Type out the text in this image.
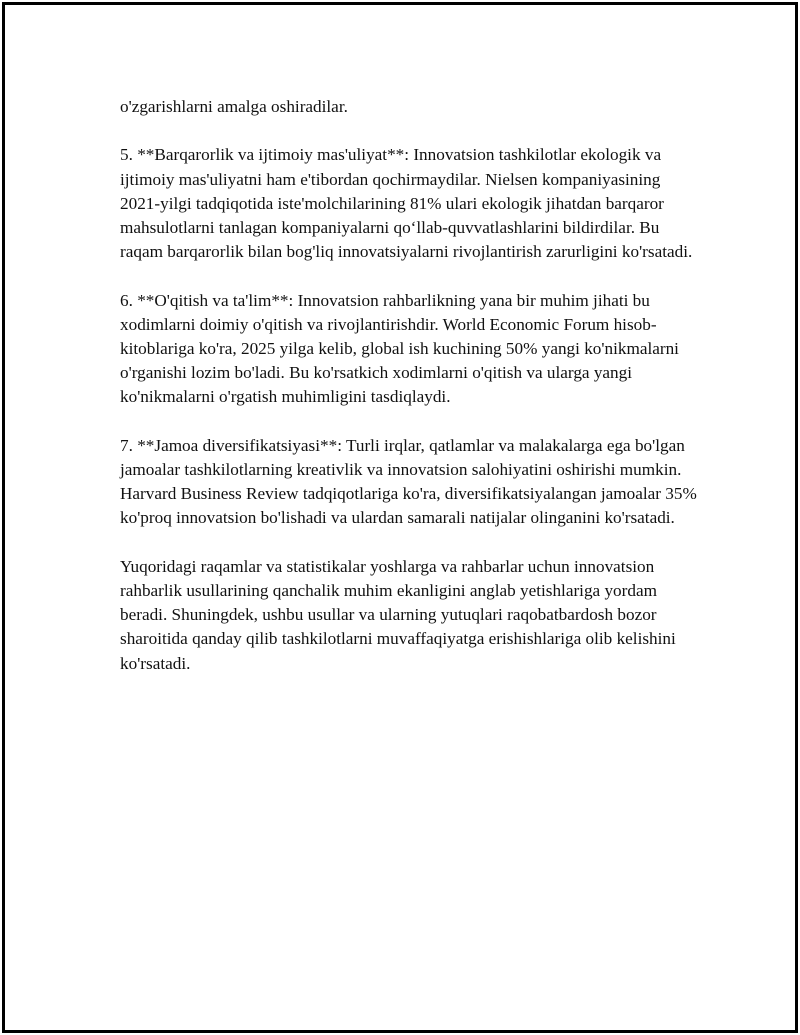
o'zgarishlarni amalga oshiradilar.

5. **Barqarorlik va ijtimoiy mas'uliyat**: Innovatsion tashkilotlar ekologik va ijtimoiy mas'uliyatni ham e'tibordan qochirmaydilar. Nielsen kompaniyasining 2021-yilgi tadqiqotida iste'molchilarining 81% ulari ekologik jihatdan barqaror mahsulotlarni tanlagan kompaniyalarni qo‘llab-quvvatlashlarini bildirdilar. Bu raqam barqarorlik bilan bog'liq innovatsiyalarni rivojlantirish zarurligini ko'rsatadi.

6. **O'qitish va ta'lim**: Innovatsion rahbarlikning yana bir muhim jihati bu xodimlarni doimiy o'qitish va rivojlantirishdir. World Economic Forum hisob-kitoblariga ko'ra, 2025 yilga kelib, global ish kuchining 50% yangi ko'nikmalarni o'rganishi lozim bo'ladi. Bu ko'rsatkich xodimlarni o'qitish va ularga yangi ko'nikmalarni o'rgatish muhimligini tasdiqlaydi.

7. **Jamoa diversifikatsiyasi**: Turli irqlar, qatlamlar va malakalarga ega bo'lgan jamoalar tashkilotlarning kreativlik va innovatsion salohiyatini oshirishi mumkin. Harvard Business Review tadqiqotlariga ko'ra, diversifikatsiyalangan jamoalar 35% ko'proq innovatsion bo'lishadi va ulardan samarali natijalar olinganini ko'rsatadi.

Yuqoridagi raqamlar va statistikalar yoshlarga va rahbarlar uchun innovatsion rahbarlik usullarining qanchalik muhim ekanligini anglab yetishlariga yordam beradi. Shuningdek, ushbu usullar va ularning yutuqlari raqobatbardosh bozor sharoitida qanday qilib tashkilotlarni muvaffaqiyatga erishishlariga olib kelishini ko'rsatadi.
